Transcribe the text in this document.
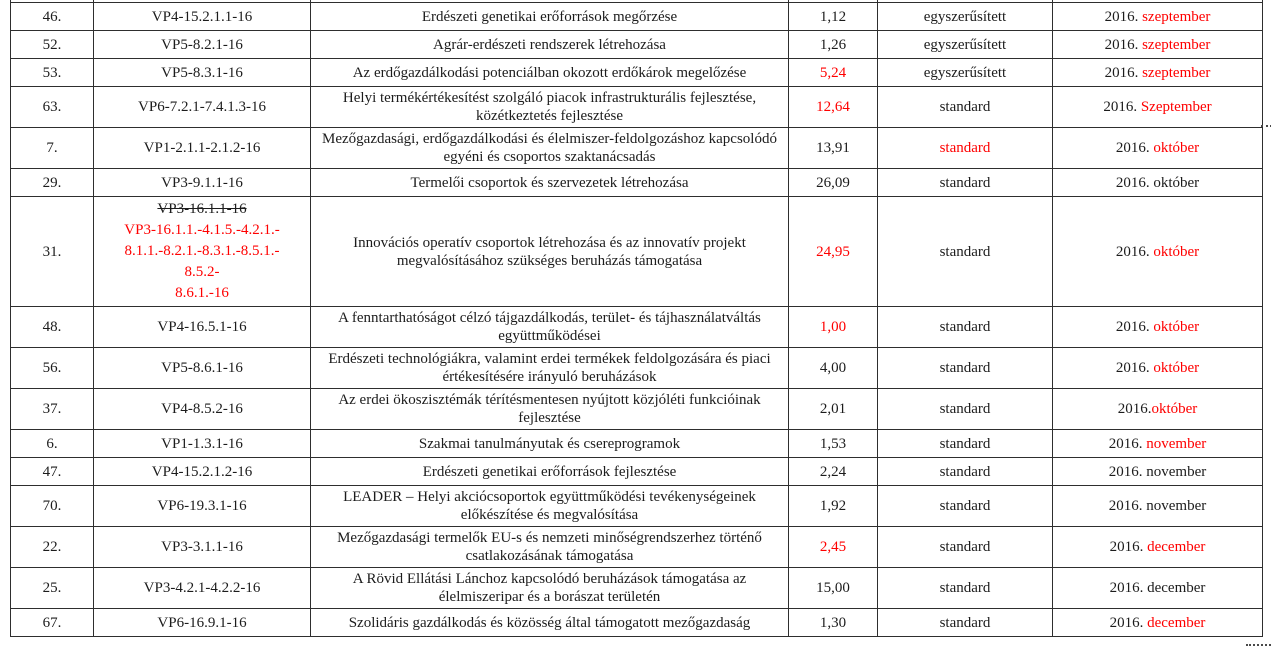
46.	VP4-15.2.1.1-16	Erdészeti genetikai erőforrások megőrzése	1,12	egyszerűsített	2016. szeptember
52.	VP5-8.2.1-16	Agrár-erdészeti rendszerek létrehozása	1,26	egyszerűsített	2016. szeptember
53.	VP5-8.3.1-16	Az erdőgazdálkodási potenciálban okozott erdőkárok megelőzése	5,24	egyszerűsített	2016. szeptember
63.	VP6-7.2.1-7.4.1.3-16	Helyi termékértékesítést szolgáló piacok infrastrukturális fejlesztése, közétkeztetés fejlesztése	12,64	standard	2016. Szeptember
7.	VP1-2.1.1-2.1.2-16	Mezőgazdasági, erdőgazdálkodási és élelmiszer-feldolgozáshoz kapcsolódó egyéni és csoportos szaktanácsadás	13,91	standard	2016. október
29.	VP3-9.1.1-16	Termelői csoportok és szervezetek létrehozása	26,09	standard	2016. október
31.	VP3-16.1.1-16
VP3-16.1.1.-4.1.5.-4.2.1.-
8.1.1.-8.2.1.-8.3.1.-8.5.1.-
8.5.2-
8.6.1.-16	Innovációs operatív csoportok létrehozása és az innovatív projekt megvalósításához szükséges beruházás támogatása	24,95	standard	2016. október
48.	VP4-16.5.1-16	A fenntarthatóságot célzó tájgazdálkodás, terület- és tájhasználatváltás együttműködései	1,00	standard	2016. október
56.	VP5-8.6.1-16	Erdészeti technológiákra, valamint erdei termékek feldolgozására és piaci értékesítésére irányuló beruházások	4,00	standard	2016. október
37.	VP4-8.5.2-16	Az erdei ökoszisztémák térítésmentesen nyújtott közjóléti funkcióinak fejlesztése	2,01	standard	2016.október
6.	VP1-1.3.1-16	Szakmai tanulmányutak és csereprogramok	1,53	standard	2016. november
47.	VP4-15.2.1.2-16	Erdészeti genetikai erőforrások fejlesztése	2,24	standard	2016. november
70.	VP6-19.3.1-16	LEADER – Helyi akciócsoportok együttműködési tevékenységeinek előkészítése és megvalósítása	1,92	standard	2016. november
22.	VP3-3.1.1-16	Mezőgazdasági termelők EU-s és nemzeti minőségrendszerhez történő csatlakozásának támogatása	2,45	standard	2016. december
25.	VP3-4.2.1-4.2.2-16	A Rövid Ellátási Lánchoz kapcsolódó beruházások támogatása az élelmiszeripar és a borászat területén	15,00	standard	2016. december
67.	VP6-16.9.1-16	Szolidáris gazdálkodás és közösség által támogatott mezőgazdaság	1,30	standard	2016. december
